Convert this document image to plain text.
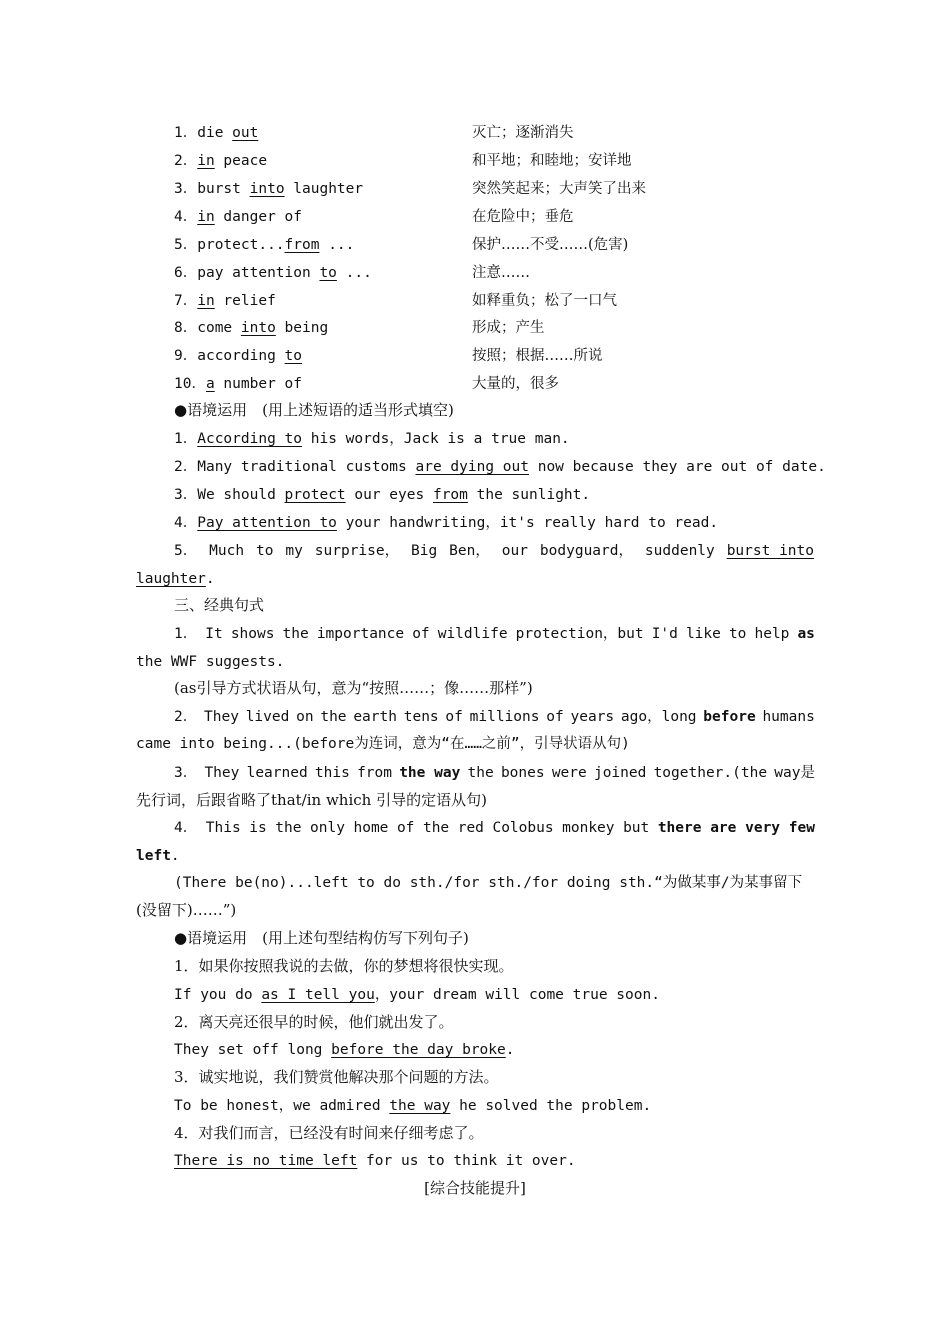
1．die out	灭亡；逐渐消失
2．in peace	和平地；和睦地；安详地
3．burst into laughter	突然笑起来；大声笑了出来
4．in danger of	在危险中；垂危
5．protect...from ...	保护……不受……(危害)
6．pay attention to ...	注意……
7．in relief	如释重负；松了一口气
8．come into being	形成；产生
9．according to	按照；根据……所说
10．a number of	大量的，很多
●语境运用　(用上述短语的适当形式填空)
1．According to his words，Jack is a true man.
2．Many traditional customs are dying out now because they are out of date.
3．We should protect our eyes from the sunlight.
4．Pay attention to your handwriting，it's really hard to read.
5． Much to my surprise， Big Ben， our bodyguard， suddenly burst into
laughter.
三、经典句式
1． It shows the importance of wildlife protection，but I'd like to help as
the WWF suggests.
(as引导方式状语从句，意为“按照……；像……那样”)
2． They lived on the earth tens of millions of years ago，long before humans
came into being...(before为连词，意为“在……之前”，引导状语从句)
3． They learned this from the way the bones were joined together.(the way是
先行词，后跟省略了that/in which 引导的定语从句)
4． This is the only home of the red Colobus monkey but there are very few
left.
(There be(no)...left to do sth./for sth./for doing sth.“为做某事/为某事留下
(没留下)……”)
●语境运用　(用上述句型结构仿写下列句子)
1．如果你按照我说的去做，你的梦想将很快实现。
If you do as I tell you，your dream will come true soon.
2．离天亮还很早的时候，他们就出发了。
They set off long before the day broke.
3．诚实地说，我们赞赏他解决那个问题的方法。
To be honest，we admired the way he solved the problem.
4．对我们而言，已经没有时间来仔细考虑了。
There is no time left for us to think it over.
[综合技能提升]
